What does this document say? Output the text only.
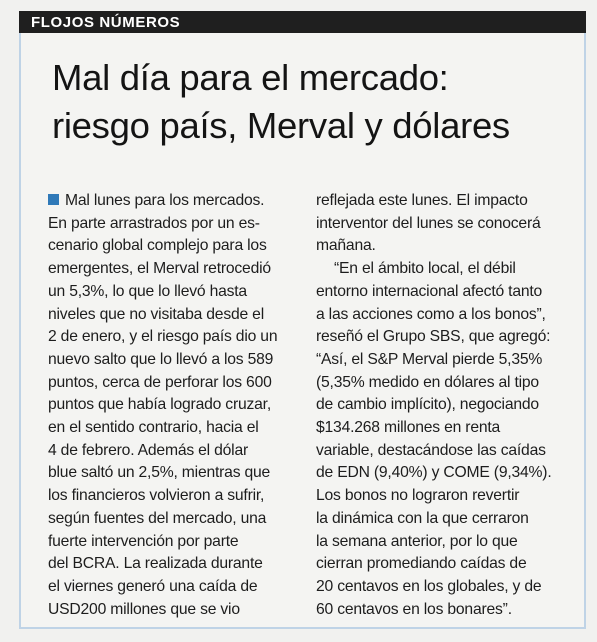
FLOJOS NÚMEROS
Mal día para el mercado:
riesgo país, Merval y dólares
Mal lunes para los mercados.
En parte arrastrados por un es-
cenario global complejo para los
emergentes, el Merval retrocedió
un 5,3%, lo que lo llevó hasta
niveles que no visitaba desde el
2 de enero, y el riesgo país dio un
nuevo salto que lo llevó a los 589
puntos, cerca de perforar los 600
puntos que había logrado cruzar,
en el sentido contrario, hacia el
4 de febrero. Además el dólar
blue saltó un 2,5%, mientras que
los financieros volvieron a sufrir,
según fuentes del mercado, una
fuerte intervención por parte
del BCRA. La realizada durante
el viernes generó una caída de
USD200 millones que se vio
reflejada este lunes. El impacto
interventor del lunes se conocerá
mañana.
“En el ámbito local, el débil
entorno internacional afectó tanto
a las acciones como a los bonos”,
reseñó el Grupo SBS, que agregó:
“Así, el S&P Merval pierde 5,35%
(5,35% medido en dólares al tipo
de cambio implícito), negociando
$134.268 millones en renta
variable, destacándose las caídas
de EDN (9,40%) y COME (9,34%).
Los bonos no lograron revertir
la dinámica con la que cerraron
la semana anterior, por lo que
cierran promediando caídas de
20 centavos en los globales, y de
60 centavos en los bonares”.
